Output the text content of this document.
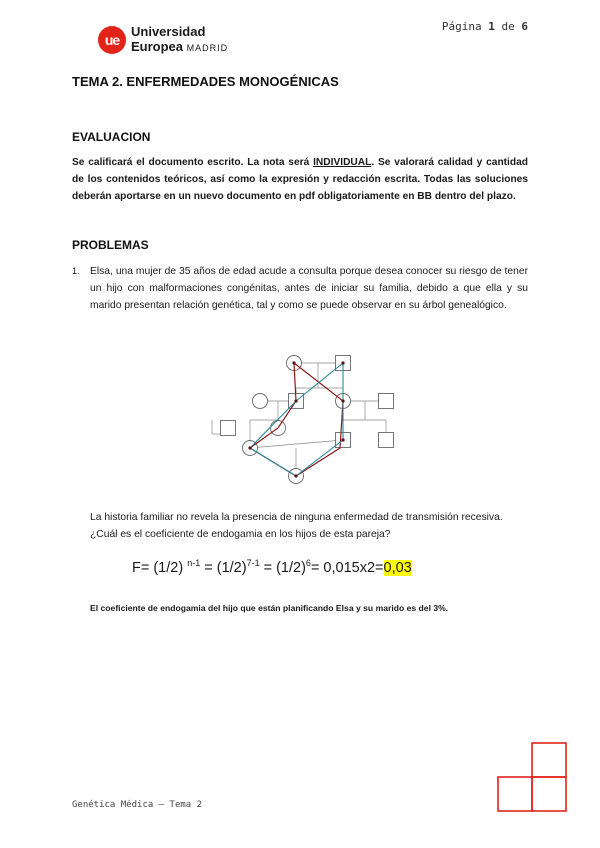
ue
Universidad
Europea MADRID
Página 1 de 6
TEMA 2. ENFERMEDADES MONOGÉNICAS
EVALUACION
Se calificará el documento escrito. La nota será INDIVIDUAL. Se valorará calidad y cantidad de los contenidos teóricos, así como la expresión y redacción escrita. Todas las soluciones deberán aportarse en un nuevo documento en pdf obligatoriamente en BB dentro del plazo.
PROBLEMAS
1. Elsa, una mujer de 35 años de edad acude a consulta porque desea conocer su riesgo de tener un hijo con malformaciones congénitas, antes de iniciar su familia, debido a que ella y su marido presentan relación genética, tal y como se puede observar en su árbol genealógico.
La historia familiar no revela la presencia de ninguna enfermedad de transmisión recesiva. ¿Cuál es el coeficiente de endogamia en los hijos de esta pareja?
F= (1/2) $^{n-1} = (1/2)^{7-1} = (1/2)^6= 0,015x2=0,03$
El coeficiente de endogamia del hijo que están planificando Elsa y su marido es del 3%.
Genética Médica – Tema 2
